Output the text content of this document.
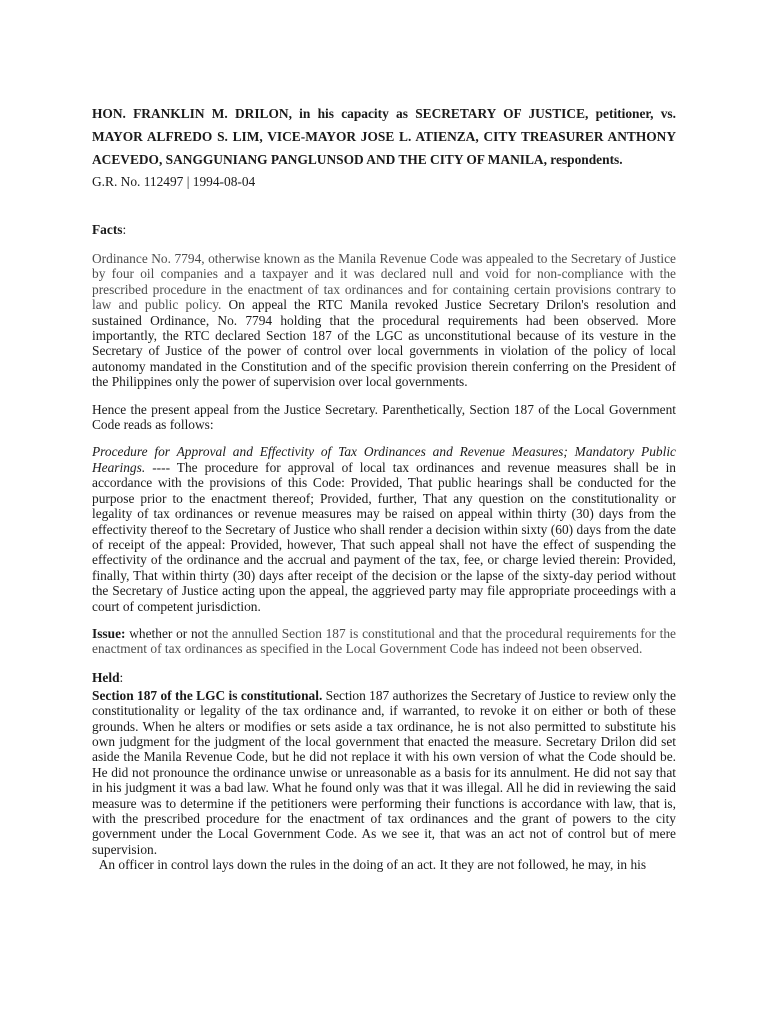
HON. FRANKLIN M. DRILON, in his capacity as SECRETARY OF JUSTICE, petitioner, vs. MAYOR ALFREDO S. LIM, VICE-MAYOR JOSE L. ATIENZA, CITY TREASURER ANTHONY ACEVEDO, SANGGUNIANG PANGLUNSOD AND THE CITY OF MANILA, respondents.

G.R. No. 112497 | 1994-08-04

Facts:

Ordinance No. 7794, otherwise known as the Manila Revenue Code was appealed to the Secretary of Justice by four oil companies and a taxpayer and it was declared null and void for non-compliance with the prescribed procedure in the enactment of tax ordinances and for containing certain provisions contrary to law and public policy. On appeal the RTC Manila revoked Justice Secretary Drilon's resolution and sustained Ordinance, No. 7794 holding that the procedural requirements had been observed. More importantly, the RTC declared Section 187 of the LGC as unconstitutional because of its vesture in the Secretary of Justice of the power of control over local governments in violation of the policy of local autonomy mandated in the Constitution and of the specific provision therein conferring on the President of the Philippines only the power of supervision over local governments.

Hence the present appeal from the Justice Secretary. Parenthetically, Section 187 of the Local Government Code reads as follows:

Procedure for Approval and Effectivity of Tax Ordinances and Revenue Measures; Mandatory Public Hearings. ---- The procedure for approval of local tax ordinances and revenue measures shall be in accordance with the provisions of this Code: Provided, That public hearings shall be conducted for the purpose prior to the enactment thereof; Provided, further, That any question on the constitutionality or legality of tax ordinances or revenue measures may be raised on appeal within thirty (30) days from the effectivity thereof to the Secretary of Justice who shall render a decision within sixty (60) days from the date of receipt of the appeal: Provided, however, That such appeal shall not have the effect of suspending the effectivity of the ordinance and the accrual and payment of the tax, fee, or charge levied therein: Provided, finally, That within thirty (30) days after receipt of the decision or the lapse of the sixty-day period without the Secretary of Justice acting upon the appeal, the aggrieved party may file appropriate proceedings with a court of competent jurisdiction.

Issue: whether or not the annulled Section 187 is constitutional and that the procedural requirements for the enactment of tax ordinances as specified in the Local Government Code has indeed not been observed.

Held:

Section 187 of the LGC is constitutional. Section 187 authorizes the Secretary of Justice to review only the constitutionality or legality of the tax ordinance and, if warranted, to revoke it on either or both of these grounds. When he alters or modifies or sets aside a tax ordinance, he is not also permitted to substitute his own judgment for the judgment of the local government that enacted the measure. Secretary Drilon did set aside the Manila Revenue Code, but he did not replace it with his own version of what the Code should be. He did not pronounce the ordinance unwise or unreasonable as a basis for its annulment. He did not say that in his judgment it was a bad law. What he found only was that it was illegal. All he did in reviewing the said measure was to determine if the petitioners were performing their functions is accordance with law, that is, with the prescribed procedure for the enactment of tax ordinances and the grant of powers to the city government under the Local Government Code. As we see it, that was an act not of control but of mere supervision.

An officer in control lays down the rules in the doing of an act. It they are not followed, he may, in his
